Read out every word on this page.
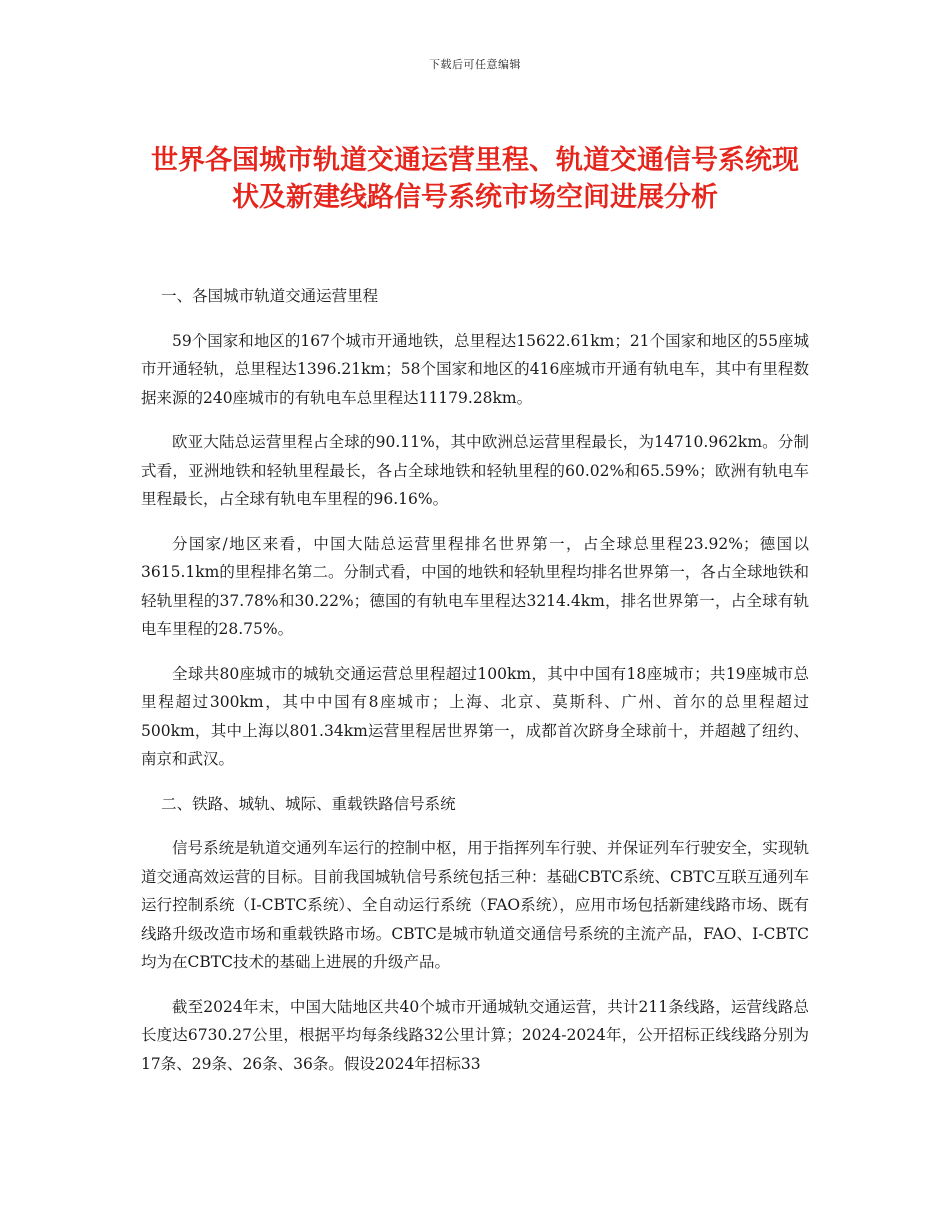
下载后可任意编辑
世界各国城市轨道交通运营里程、轨道交通信号系统现状及新建线路信号系统市场空间进展分析
一、各国城市轨道交通运营里程

59个国家和地区的167个城市开通地铁，总里程达15622.61km；21个国家和地区的55座城市开通轻轨，总里程达1396.21km；58个国家和地区的416座城市开通有轨电车，其中有里程数据来源的240座城市的有轨电车总里程达11179.28km。

欧亚大陆总运营里程占全球的90.11%，其中欧洲总运营里程最长，为14710.962km。分制式看，亚洲地铁和轻轨里程最长，各占全球地铁和轻轨里程的60.02%和65.59%；欧洲有轨电车里程最长，占全球有轨电车里程的96.16%。

分国家/地区来看，中国大陆总运营里程排名世界第一，占全球总里程23.92%；德国以3615.1km的里程排名第二。分制式看，中国的地铁和轻轨里程均排名世界第一，各占全球地铁和轻轨里程的37.78%和30.22%；德国的有轨电车里程达3214.4km，排名世界第一，占全球有轨电车里程的28.75%。

全球共80座城市的城轨交通运营总里程超过100km，其中中国有18座城市；共19座城市总里程超过300km，其中中国有8座城市；上海、北京、莫斯科、广州、首尔的总里程超过500km，其中上海以801.34km运营里程居世界第一，成都首次跻身全球前十，并超越了纽约、南京和武汉。

二、铁路、城轨、城际、重载铁路信号系统

信号系统是轨道交通列车运行的控制中枢，用于指挥列车行驶、并保证列车行驶安全，实现轨道交通高效运营的目标。目前我国城轨信号系统包括三种：基础CBTC系统、CBTC互联互通列车运行控制系统（I-CBTC系统）、全自动运行系统（FAO系统），应用市场包括新建线路市场、既有线路升级改造市场和重载铁路市场。CBTC是城市轨道交通信号系统的主流产品，FAO、I-CBTC均为在CBTC技术的基础上进展的升级产品。

截至2024年末，中国大陆地区共40个城市开通城轨交通运营，共计211条线路，运营线路总长度达6730.27公里，根据平均每条线路32公里计算；2024-2024年，公开招标正线线路分别为17条、29条、26条、36条。假设2024年招标33
